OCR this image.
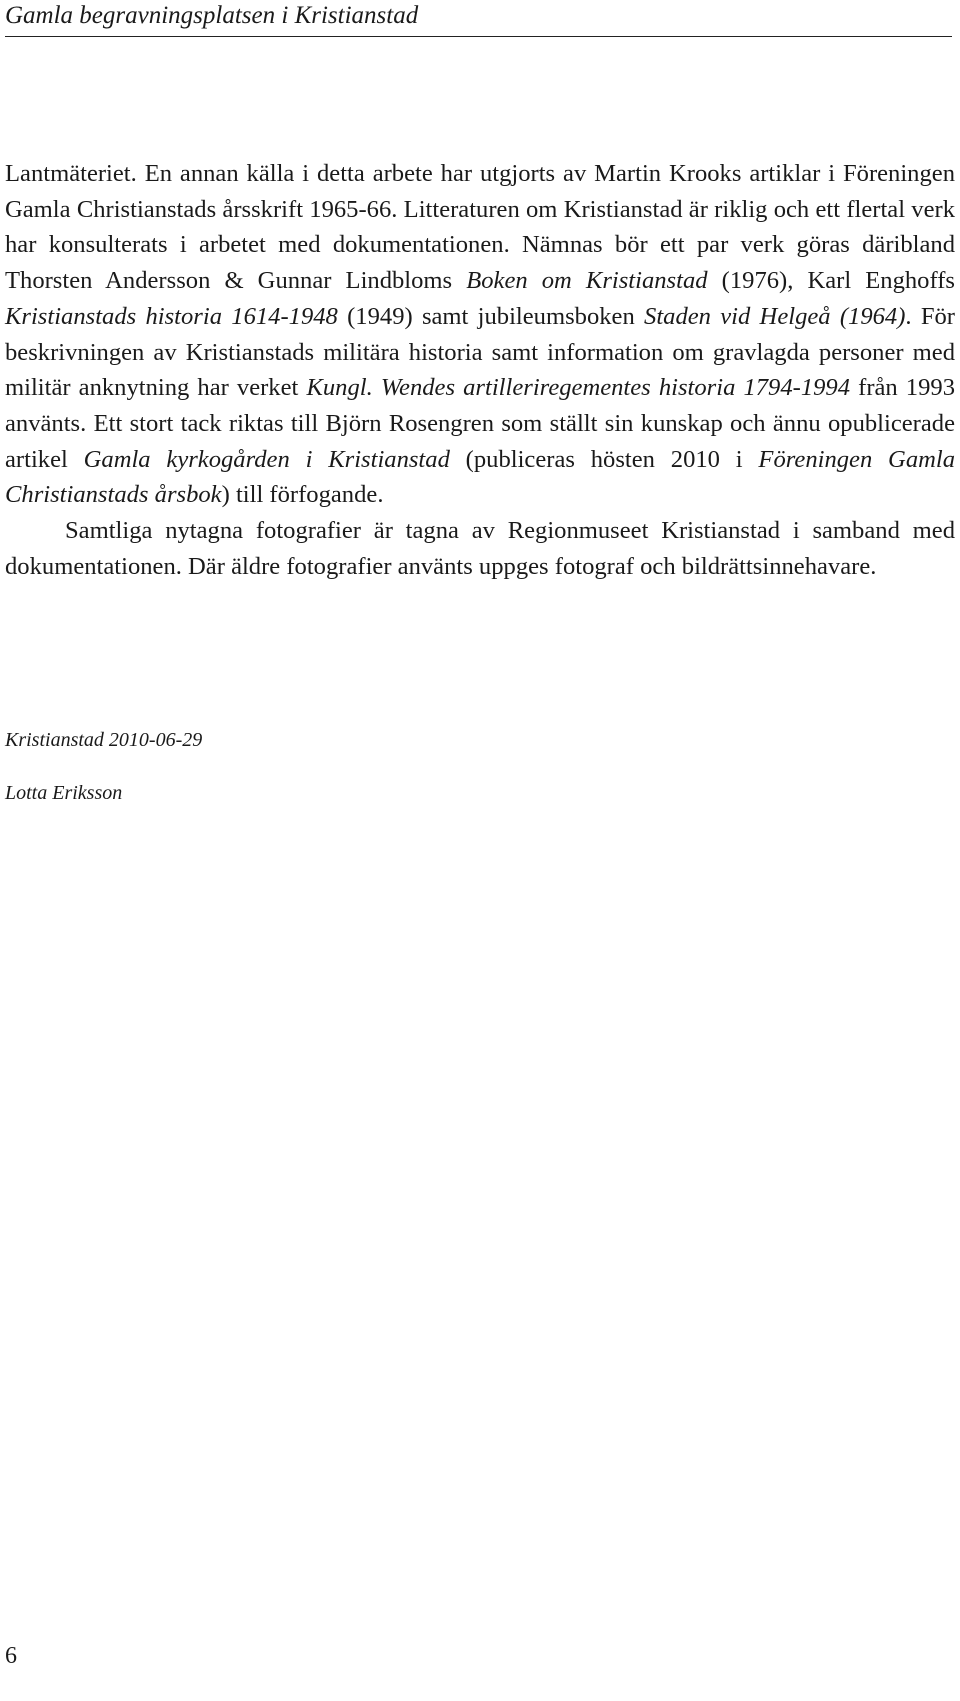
Gamla begravningsplatsen i Kristianstad

Lantmäteriet. En annan källa i detta arbete har utgjorts av Martin Krooks artiklar i Föreningen Gamla Christianstads årsskrift 1965-66. Litteraturen om Kristianstad är riklig och ett flertal verk har konsulterats i arbetet med dokumentationen. Nämnas bör ett par verk göras däribland Thorsten Andersson & Gunnar Lindbloms Boken om Kristianstad (1976), Karl Enghoffs Kristianstads historia 1614-1948 (1949) samt jubileumsboken Staden vid Helgeå (1964). För beskrivningen av Kristianstads militära historia samt information om gravlagda personer med militär anknytning har verket Kungl. Wendes artilleriregementes historia 1794-1994 från 1993 använts. Ett stort tack riktas till Björn Rosengren som ställt sin kunskap och ännu opublicerade artikel Gamla kyrkogården i Kristianstad (publiceras hösten 2010 i Föreningen Gamla Christianstads årsbok) till förfogande.

Samtliga nytagna fotografier är tagna av Regionmuseet Kristianstad i samband med dokumentationen. Där äldre fotografier använts uppges fotograf och bildrättsinnehavare.

Kristianstad 2010-06-29
Lotta Eriksson
6
